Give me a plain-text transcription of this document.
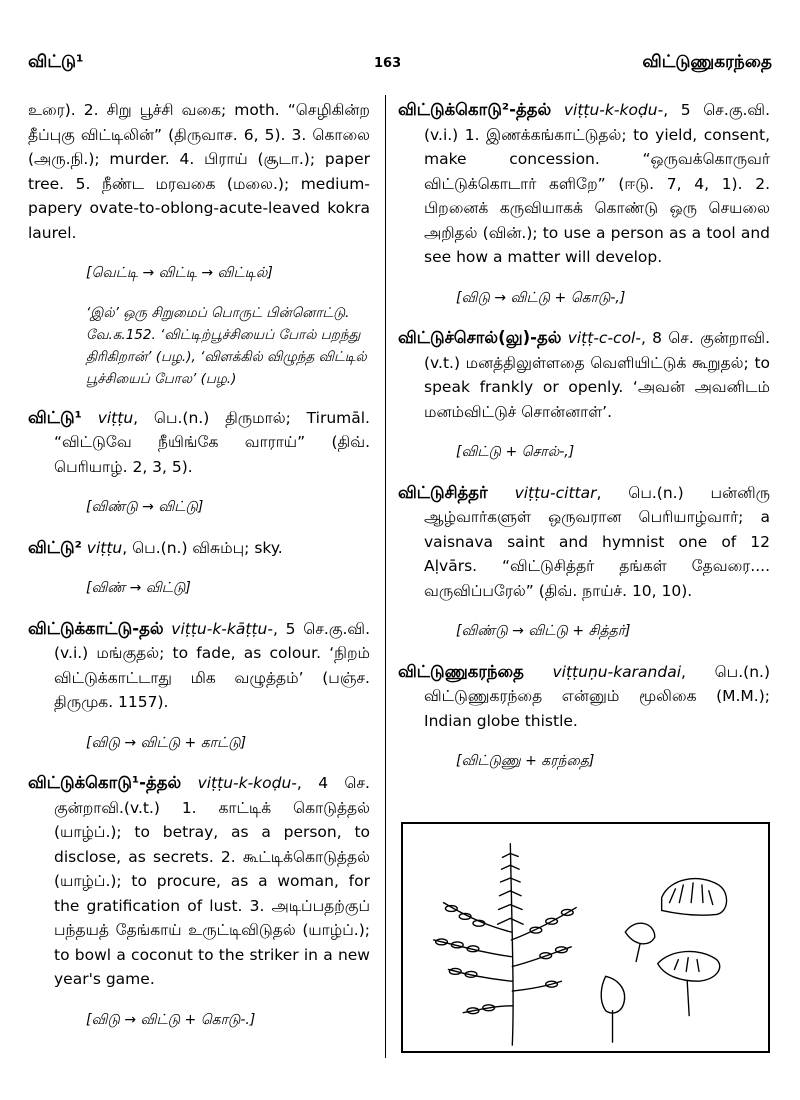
விட்டு¹	163	விட்டுணுகரந்தை

உரை). 2. சிறு பூச்சி வகை; moth. “செழிகின்ற தீப்புகு விட்டிலின்” (திருவாச. 6, 5). 3. கொலை (அரு.நி.); murder. 4. பிராய் (சூடா.); paper tree. 5. நீண்ட மரவகை (மலை.); medium-papery ovate-to-oblong-acute-leaved kokra laurel.

[வெட்டி → விட்டி → விட்டில்]

‘இல்’ ஒரு சிறுமைப் பொருட் பின்னொட்டு. வே.க.152. ‘விட்டிற்பூச்சியைப் போல் பறந்து திரிகிறான்’ (பழ.), ‘விளக்கில் விழுந்த விட்டில் பூச்சியைப் போல’ (பழ.)

விட்டு¹ viṭṭu, பெ.(n.) திருமால்; Tirumāl. “விட்டுவே நீயிங்கே வாராய்” (திவ். பெரியாழ். 2, 3, 5).

[விண்டு → விட்டு]

விட்டு² viṭṭu, பெ.(n.) விசும்பு; sky.

[விண் → விட்டு]

விட்டுக்காட்டு-தல் viṭṭu-k-kāṭṭu-, 5 செ.கு.வி. (v.i.) மங்குதல்; to fade, as colour. ‘நிறம் விட்டுக்காட்டாது மிக வழுத்தம்’ (பஞ்ச. திருமுக. 1157).

[விடு → விட்டு + காட்டு]

விட்டுக்கொடு¹-த்தல் viṭṭu-k-koḍu-, 4 செ. குன்றாவி.(v.t.) 1. காட்டிக் கொடுத்தல் (யாழ்ப்.); to betray, as a person, to disclose, as secrets. 2. கூட்டிக்கொடுத்தல் (யாழ்ப்.); to procure, as a woman, for the gratification of lust. 3. அடிப்பதற்குப் பந்தயத் தேங்காய் உருட்டிவிடுதல் (யாழ்ப்.); to bowl a coconut to the striker in a new year's game.

[விடு → விட்டு + கொடு-.]

விட்டுக்கொடு²-த்தல் viṭṭu-k-koḍu-, 5 செ.கு.வி. (v.i.) 1. இணக்கங்காட்டுதல்; to yield, consent, make concession. “ஒருவக்கொருவர் விட்டுக்கொடார் களிறே” (ஈடு. 7, 4, 1). 2. பிறனைக் கருவியாகக் கொண்டு ஒரு செயலை அறிதல் (வின்.); to use a person as a tool and see how a matter will develop.

[விடு → விட்டு + கொடு-,]

விட்டுச்சொல்(லு)-தல் viṭṭ-c-col-, 8 செ. குன்றாவி.(v.t.) மனத்திலுள்ளதை வெளியிட்டுக் கூறுதல்; to speak frankly or openly. ‘அவன் அவனிடம் மனம்விட்டுச் சொன்னாள்’.

[விட்டு + சொல்-,]

விட்டுசித்தர் viṭṭu-cittar, பெ.(n.) பன்னிரு ஆழ்வார்களுள் ஒருவரான பெரியாழ்வார்; a vaisnava saint and hymnist one of 12 Aḷvārs. “விட்டுசித்தர் தங்கள் தேவரை.... வருவிப்பரேல்” (திவ். நாய்ச். 10, 10).

[விண்டு → விட்டு + சித்தர்]

விட்டுணுகரந்தை viṭṭuṇu-karandai, பெ.(n.) விட்டுணுகரந்தை என்னும் மூலிகை (M.M.); Indian globe thistle.

[விட்டுணு + கரந்தை]
